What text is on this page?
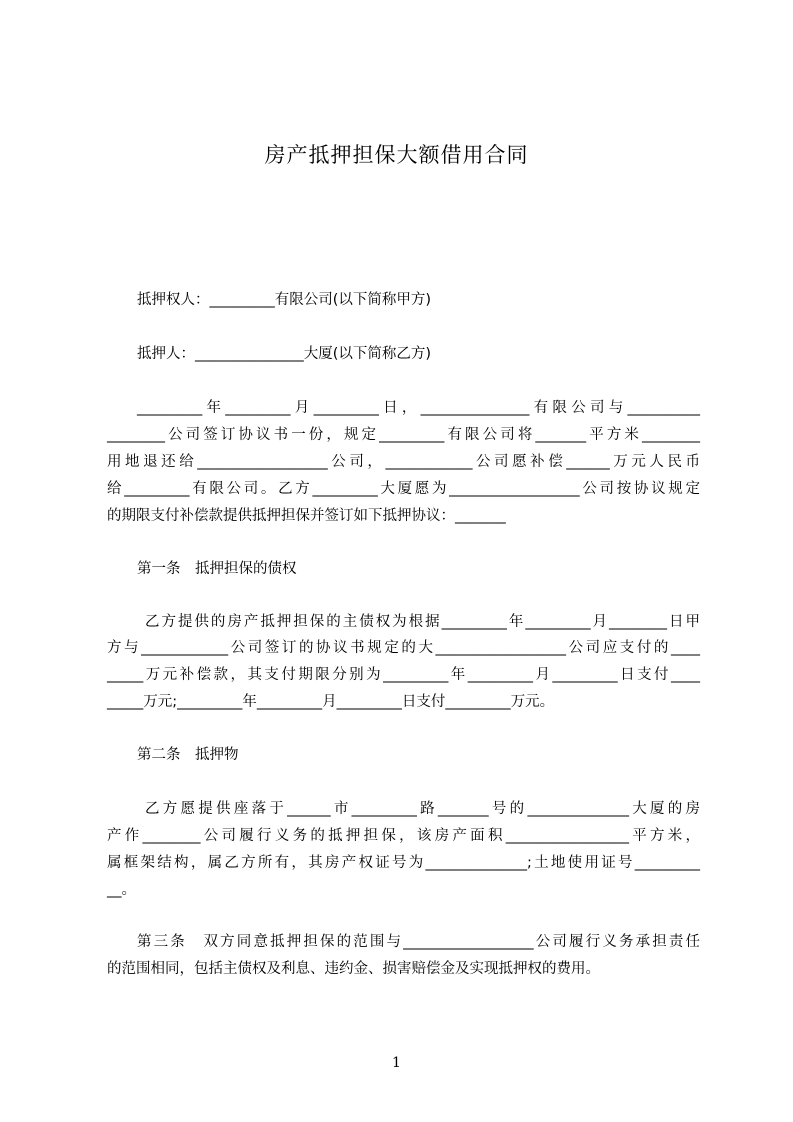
房产抵押担保大额借用合同
抵押权人：_________有限公司(以下简称甲方)
抵押人：_______________大厦(以下简称乙方)
_________年_________月_________日，_______________有限公司与__________
________公司签订协议书一份，规定_________有限公司将_______平方米________
用地退还给__________________公司，____________公司愿补偿______万元人民币
给_________有限公司。乙方_________大厦愿为__________________公司按协议规定
的期限支付补偿款提供抵押担保并签订如下抵押协议：_______
第一条　抵押担保的债权
乙方提供的房产抵押担保的主债权为根据_________年_________月________日甲
方与____________公司签订的协议书规定的大__________________公司应支付的____
_____万元补偿款，其支付期限分别为_________年_________月_________日支付____
_____万元;_________年_________月_________日支付_________万元。
第二条　抵押物
乙方愿提供座落于______市_________路_______号的______________大厦的房
产作________公司履行义务的抵押担保，该房产面积_________________平方米，
属框架结构，属乙方所有，其房产权证号为______________;土地使用证号_________
__。
第三条　双方同意抵押担保的范围与__________________公司履行义务承担责任
的范围相同，包括主债权及利息、违约金、损害赔偿金及实现抵押权的费用。
1
